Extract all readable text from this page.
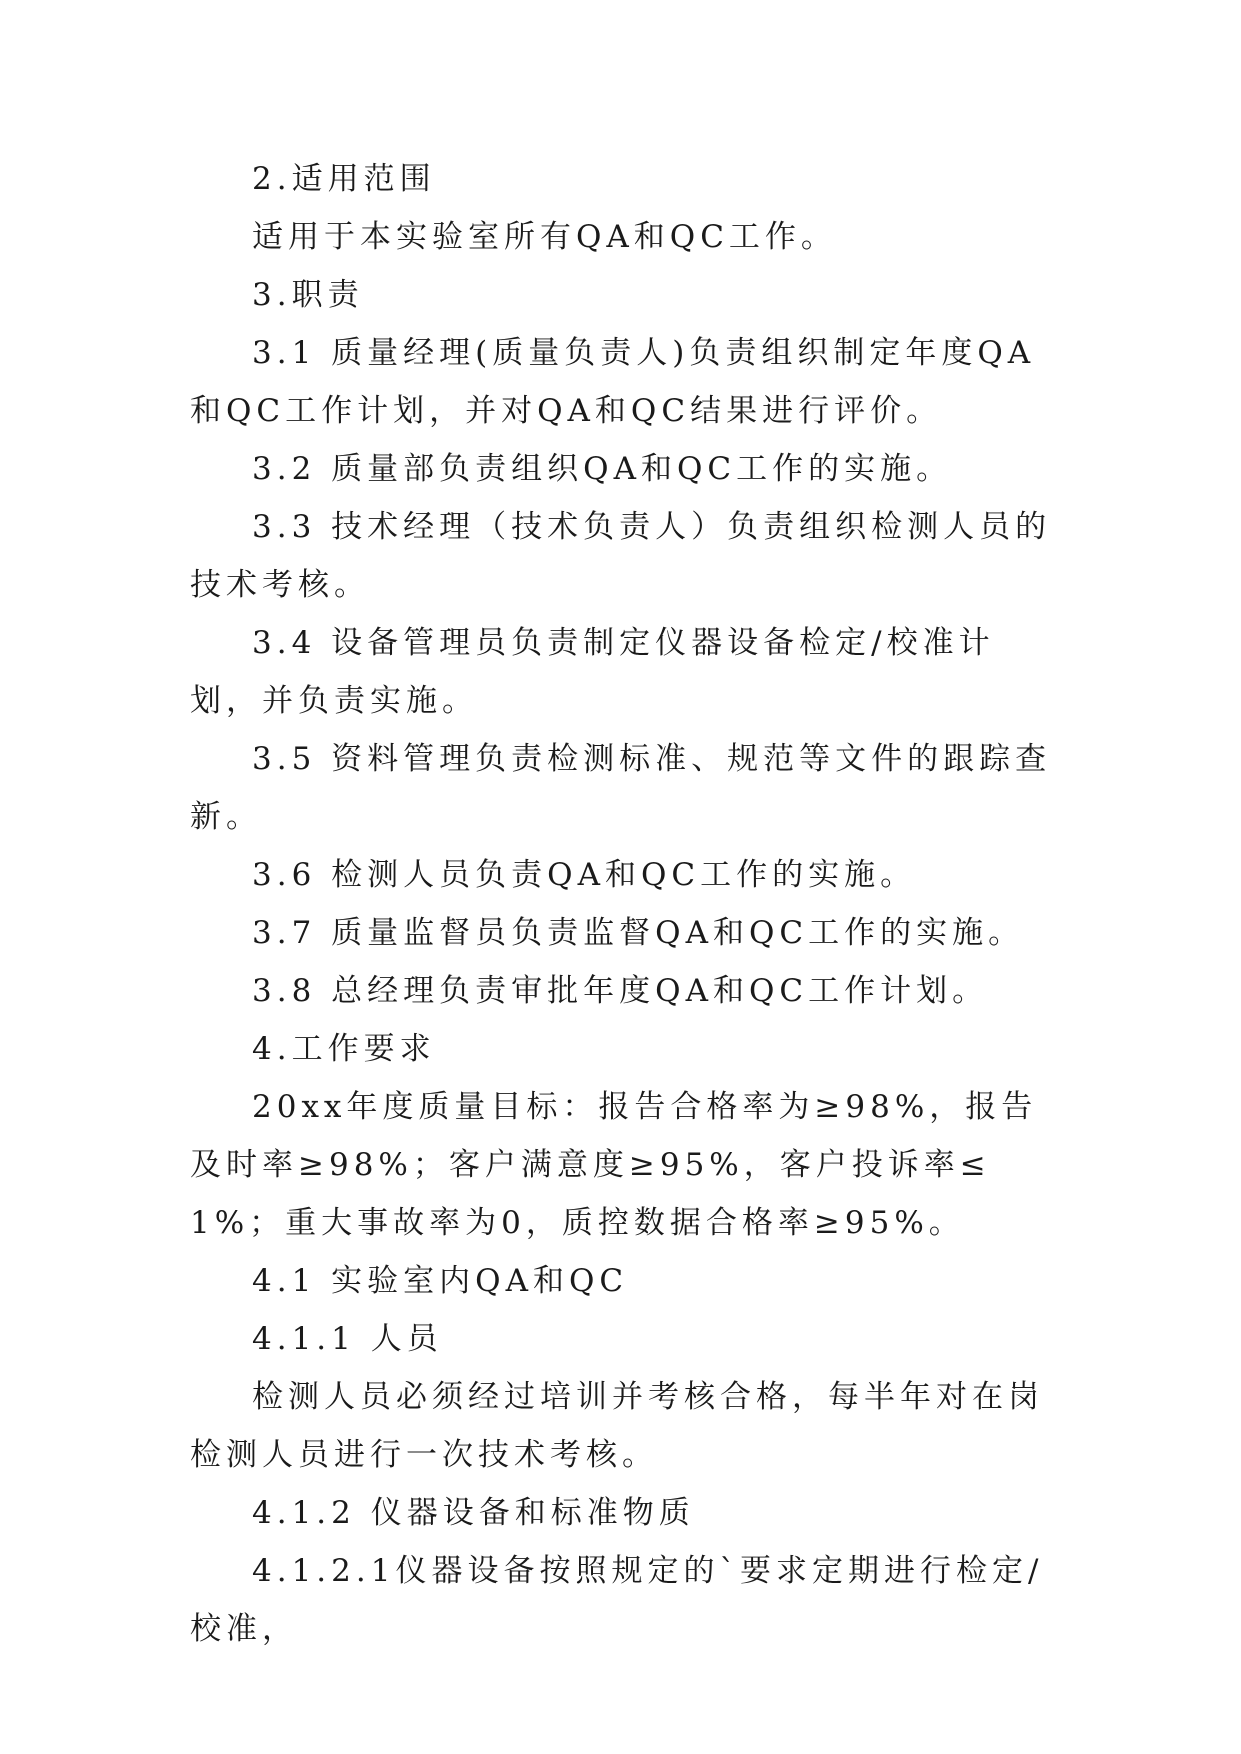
2.适用范围

适用于本实验室所有QA和QC工作。

3.职责

3.1 质量经理(质量负责人)负责组织制定年度QA和QC工作计划，并对QA和QC结果进行评价。

3.2 质量部负责组织QA和QC工作的实施。

3.3 技术经理（技术负责人）负责组织检测人员的技术考核。

3.4 设备管理员负责制定仪器设备检定/校准计划，并负责实施。

3.5 资料管理负责检测标准、规范等文件的跟踪查新。

3.6 检测人员负责QA和QC工作的实施。

3.7 质量监督员负责监督QA和QC工作的实施。

3.8 总经理负责审批年度QA和QC工作计划。

4.工作要求

20xx年度质量目标：报告合格率为≥98%，报告及时率≥98%；客户满意度≥95%，客户投诉率≤1%；重大事故率为0，质控数据合格率≥95%。

4.1 实验室内QA和QC

4.1.1 人员

检测人员必须经过培训并考核合格，每半年对在岗检测人员进行一次技术考核。

4.1.2 仪器设备和标准物质

4.1.2.1仪器设备按照规定的`要求定期进行检定/校准，
